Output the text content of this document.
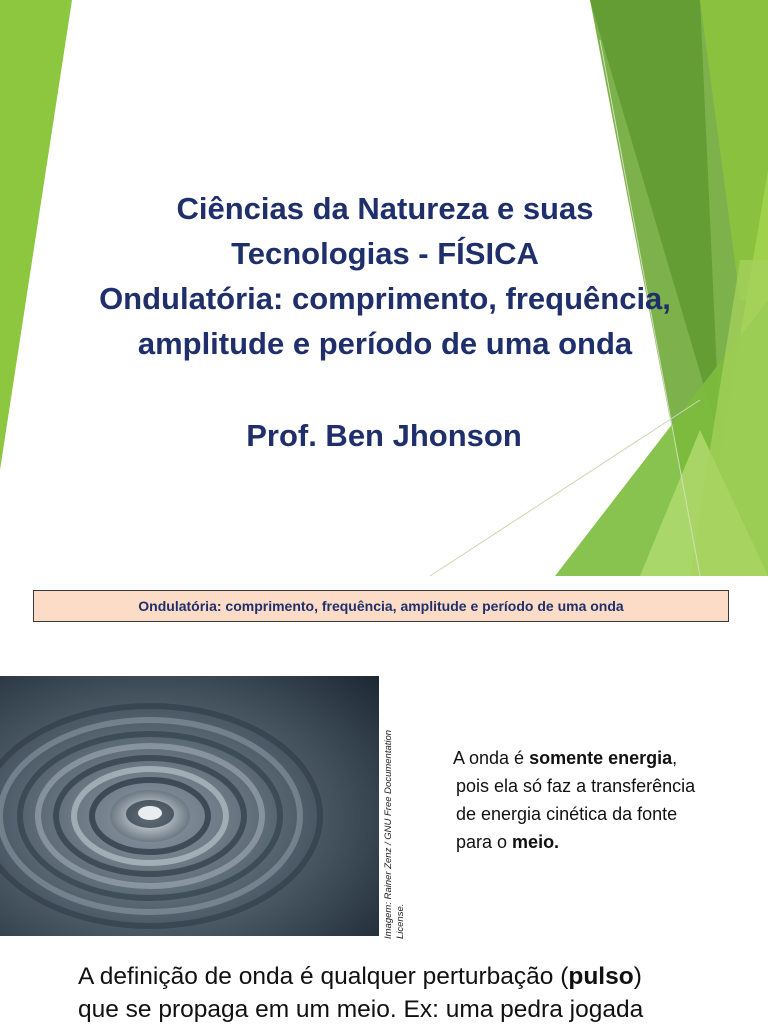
Ciências da Natureza e suas
Tecnologias - FÍSICA
Ondulatória: comprimento, frequência,
amplitude e período de uma onda
Prof. Ben Jhonson
Ondulatória: comprimento, frequência, amplitude e período de uma onda
Imagem: Rainer Zenz / GNU Free Documentation License.
A onda é somente energia,
pois ela só faz a transferência
de energia cinética da fonte
para o meio.
A definição de onda é qualquer perturbação (pulso)
que se propaga em um meio. Ex: uma pedra jogada
